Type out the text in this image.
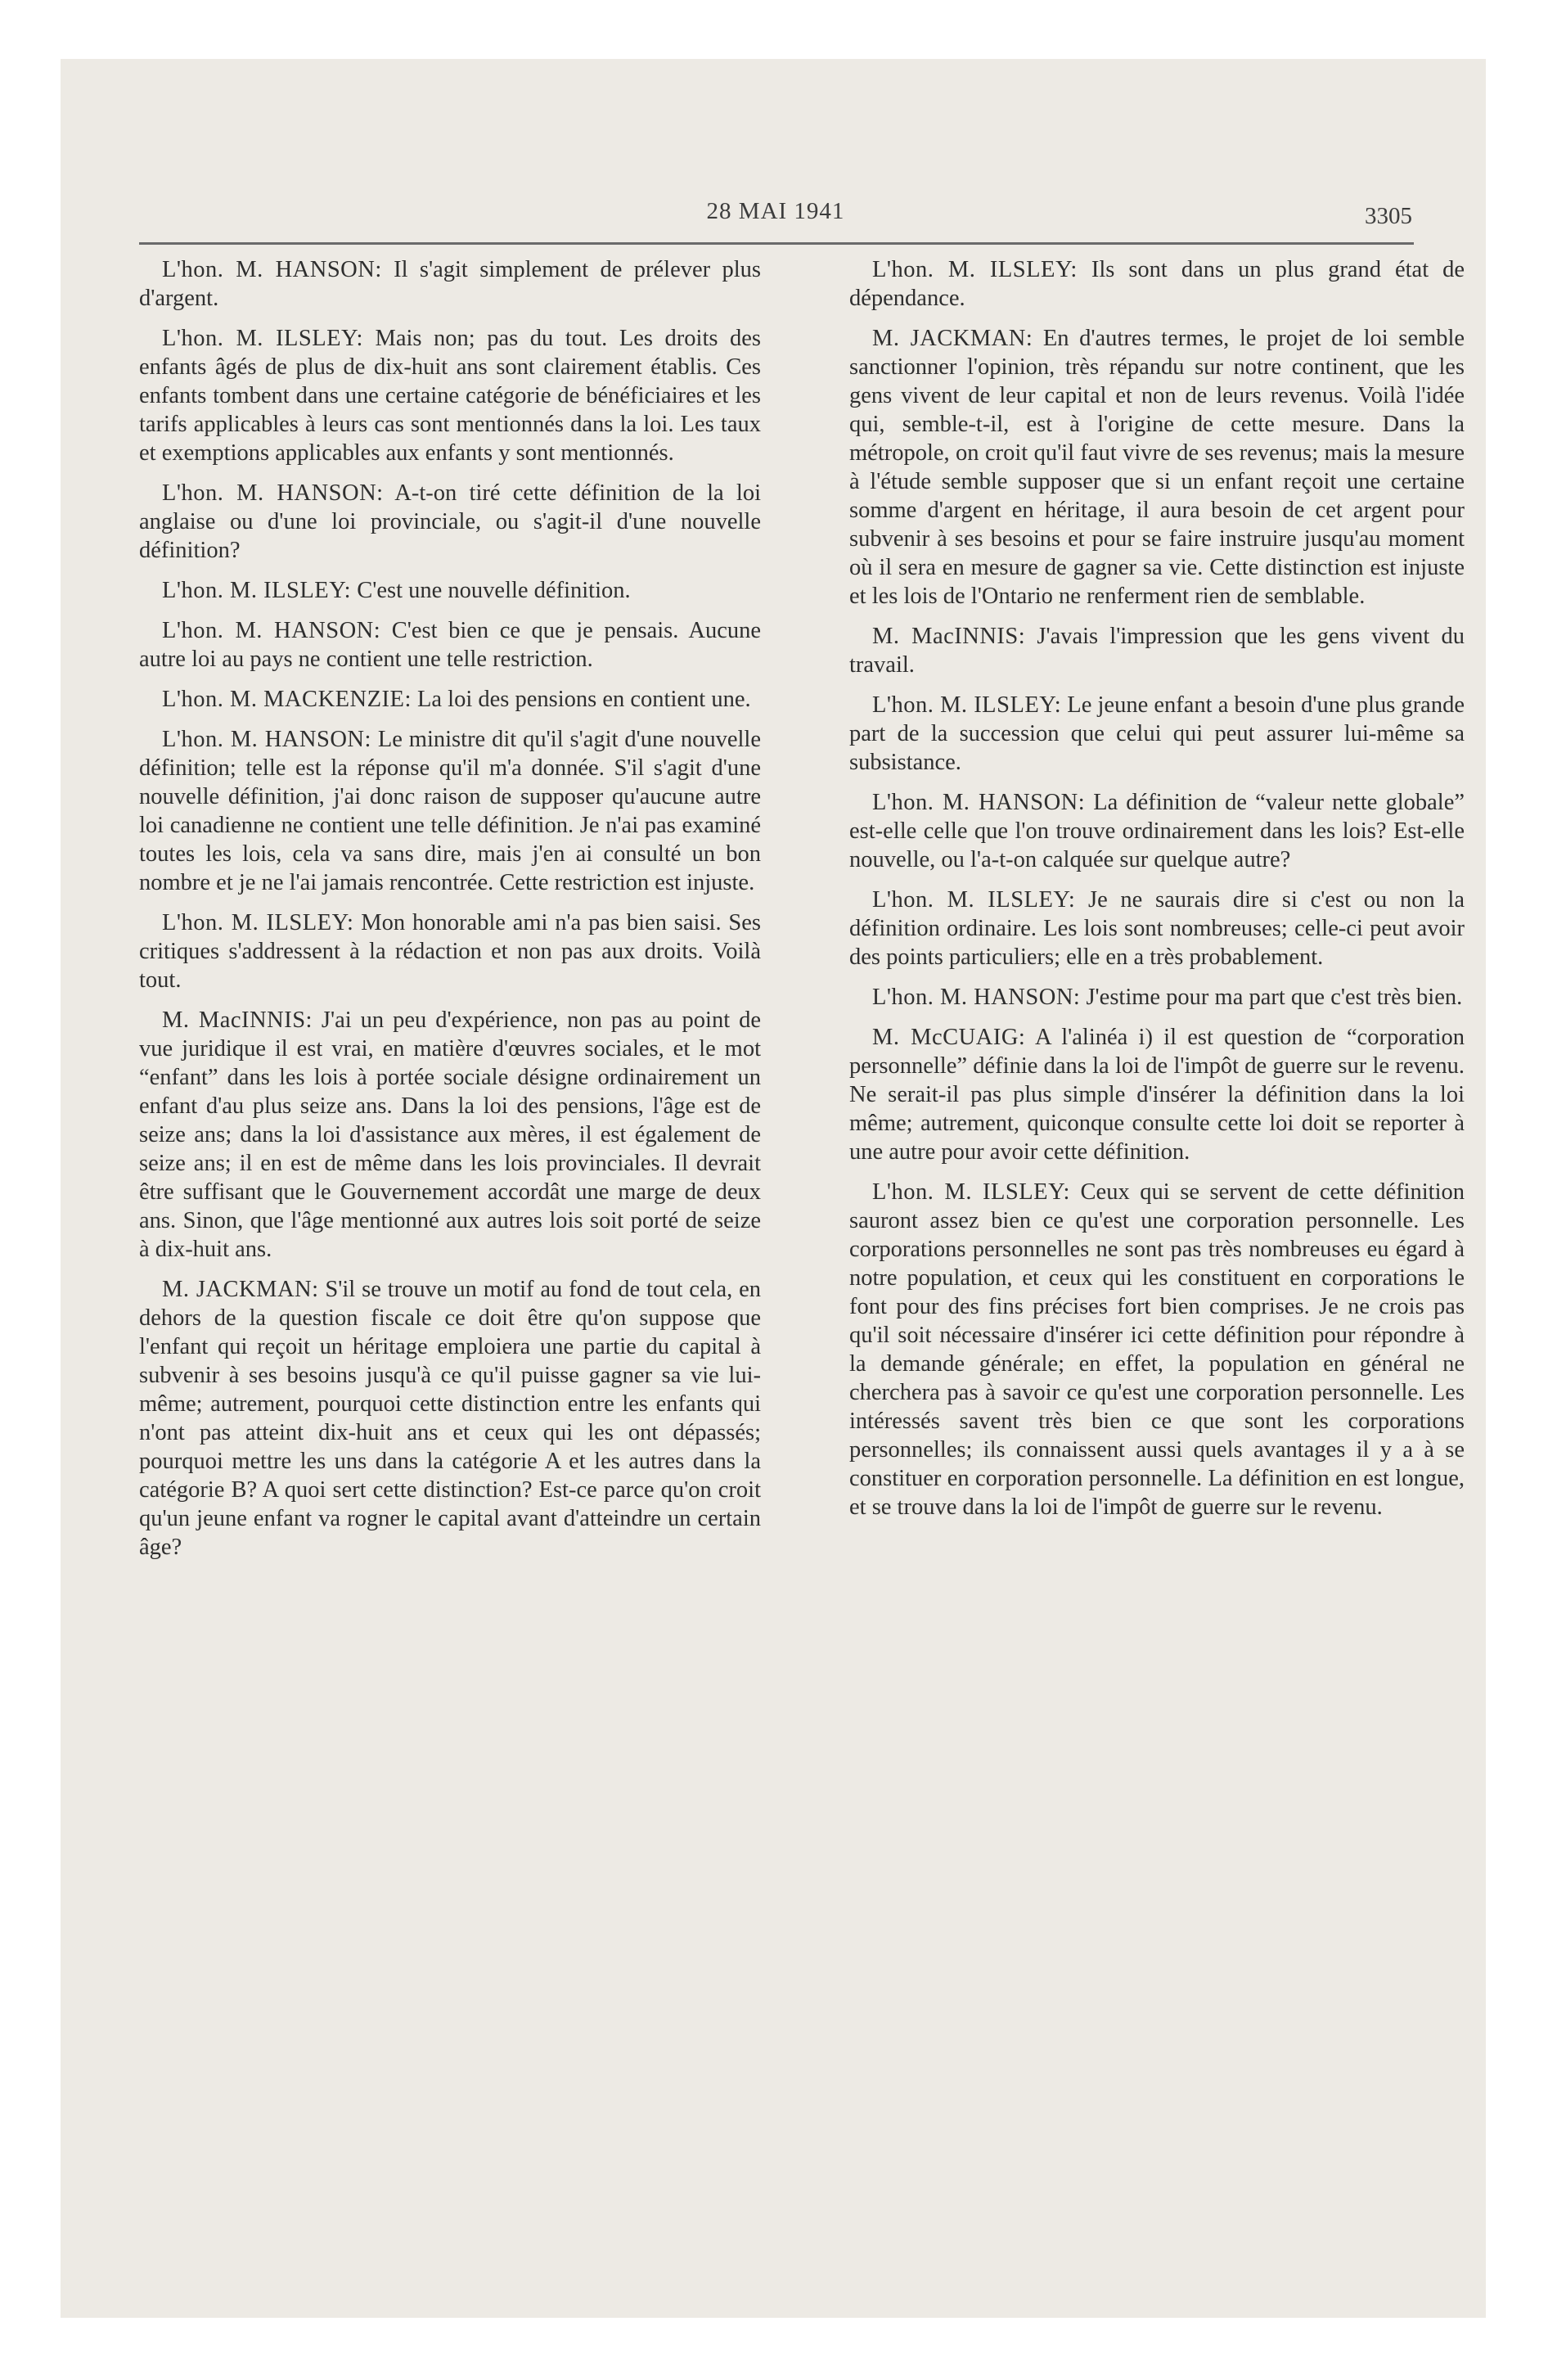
28 MAI 1941	3305

L'hon. M. HANSON: Il s'agit simplement de prélever plus d'argent.

L'hon. M. ILSLEY: Mais non; pas du tout. Les droits des enfants âgés de plus de dix-huit ans sont clairement établis. Ces enfants tombent dans une certaine catégorie de bénéficiaires et les tarifs applicables à leurs cas sont mentionnés dans la loi. Les taux et exemptions applicables aux enfants y sont mentionnés.

L'hon. M. HANSON: A-t-on tiré cette définition de la loi anglaise ou d'une loi provinciale, ou s'agit-il d'une nouvelle définition?

L'hon. M. ILSLEY: C'est une nouvelle définition.

L'hon. M. HANSON: C'est bien ce que je pensais. Aucune autre loi au pays ne contient une telle restriction.

L'hon. M. MACKENZIE: La loi des pensions en contient une.

L'hon. M. HANSON: Le ministre dit qu'il s'agit d'une nouvelle définition; telle est la réponse qu'il m'a donnée. S'il s'agit d'une nouvelle définition, j'ai donc raison de supposer qu'aucune autre loi canadienne ne contient une telle définition. Je n'ai pas examiné toutes les lois, cela va sans dire, mais j'en ai consulté un bon nombre et je ne l'ai jamais rencontrée. Cette restriction est injuste.

L'hon. M. ILSLEY: Mon honorable ami n'a pas bien saisi. Ses critiques s'addressent à la rédaction et non pas aux droits. Voilà tout.

M. MacINNIS: J'ai un peu d'expérience, non pas au point de vue juridique il est vrai, en matière d'œuvres sociales, et le mot “enfant” dans les lois à portée sociale désigne ordinairement un enfant d'au plus seize ans. Dans la loi des pensions, l'âge est de seize ans; dans la loi d'assistance aux mères, il est également de seize ans; il en est de même dans les lois provinciales. Il devrait être suffisant que le Gouvernement accordât une marge de deux ans. Sinon, que l'âge mentionné aux autres lois soit porté de seize à dix-huit ans.

M. JACKMAN: S'il se trouve un motif au fond de tout cela, en dehors de la question fiscale ce doit être qu'on suppose que l'enfant qui reçoit un héritage emploiera une partie du capital à subvenir à ses besoins jusqu'à ce qu'il puisse gagner sa vie lui-même; autrement, pourquoi cette distinction entre les enfants qui n'ont pas atteint dix-huit ans et ceux qui les ont dépassés; pourquoi mettre les uns dans la catégorie A et les autres dans la catégorie B? A quoi sert cette distinction? Est-ce parce qu'on croit qu'un jeune enfant va rogner le capital avant d'atteindre un certain âge?

L'hon. M. ILSLEY: Ils sont dans un plus grand état de dépendance.

M. JACKMAN: En d'autres termes, le projet de loi semble sanctionner l'opinion, très répandu sur notre continent, que les gens vivent de leur capital et non de leurs revenus. Voilà l'idée qui, semble-t-il, est à l'origine de cette mesure. Dans la métropole, on croit qu'il faut vivre de ses revenus; mais la mesure à l'étude semble supposer que si un enfant reçoit une certaine somme d'argent en héritage, il aura besoin de cet argent pour subvenir à ses besoins et pour se faire instruire jusqu'au moment où il sera en mesure de gagner sa vie. Cette distinction est injuste et les lois de l'Ontario ne renferment rien de semblable.

M. MacINNIS: J'avais l'impression que les gens vivent du travail.

L'hon. M. ILSLEY: Le jeune enfant a besoin d'une plus grande part de la succession que celui qui peut assurer lui-même sa subsistance.

L'hon. M. HANSON: La définition de “valeur nette globale” est-elle celle que l'on trouve ordinairement dans les lois? Est-elle nouvelle, ou l'a-t-on calquée sur quelque autre?

L'hon. M. ILSLEY: Je ne saurais dire si c'est ou non la définition ordinaire. Les lois sont nombreuses; celle-ci peut avoir des points particuliers; elle en a très probablement.

L'hon. M. HANSON: J'estime pour ma part que c'est très bien.

M. McCUAIG: A l'alinéa i) il est question de “corporation personnelle” définie dans la loi de l'impôt de guerre sur le revenu. Ne serait-il pas plus simple d'insérer la définition dans la loi même; autrement, quiconque consulte cette loi doit se reporter à une autre pour avoir cette définition.

L'hon. M. ILSLEY: Ceux qui se servent de cette définition sauront assez bien ce qu'est une corporation personnelle. Les corporations personnelles ne sont pas très nombreuses eu égard à notre population, et ceux qui les constituent en corporations le font pour des fins précises fort bien comprises. Je ne crois pas qu'il soit nécessaire d'insérer ici cette définition pour répondre à la demande générale; en effet, la population en général ne cherchera pas à savoir ce qu'est une corporation personnelle. Les intéressés savent très bien ce que sont les corporations personnelles; ils connaissent aussi quels avantages il y a à se constituer en corporation personnelle. La définition en est longue, et se trouve dans la loi de l'impôt de guerre sur le revenu.
